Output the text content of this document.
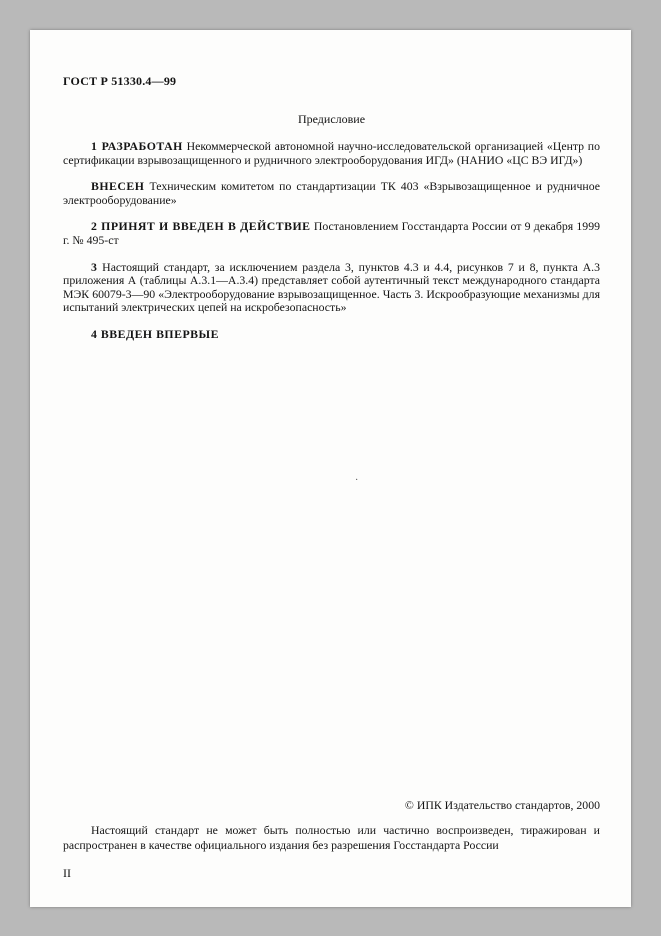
ГОСТ Р 51330.4—99
Предисловие

1 РАЗРАБОТАН Некоммерческой автономной научно-исследовательской организацией «Центр по сертификации взрывозащищенного и рудничного электрооборудования ИГД» (НАНИО «ЦС ВЭ ИГД»)

ВНЕСЕН Техническим комитетом по стандартизации ТК 403 «Взрывозащищенное и рудничное электрооборудование»

2 ПРИНЯТ И ВВЕДЕН В ДЕЙСТВИЕ Постановлением Госстандарта России от 9 декабря 1999 г. № 495-ст

3 Настоящий стандарт, за исключением раздела 3, пунктов 4.3 и 4.4, рисунков 7 и 8, пункта А.3 приложения А (таблицы А.3.1—А.3.4) представляет собой аутентичный текст международного стандарта МЭК 60079-3—90 «Электрооборудование взрывозащищенное. Часть 3. Искрообразующие механизмы для испытаний электрических цепей на искробезопасность»

4 ВВЕДЕН ВПЕРВЫЕ

·
© ИПК Издательство стандартов, 2000

Настоящий стандарт не может быть полностью или частично воспроизведен, тиражирован и распространен в качестве официального издания без разрешения Госстандарта России

II
